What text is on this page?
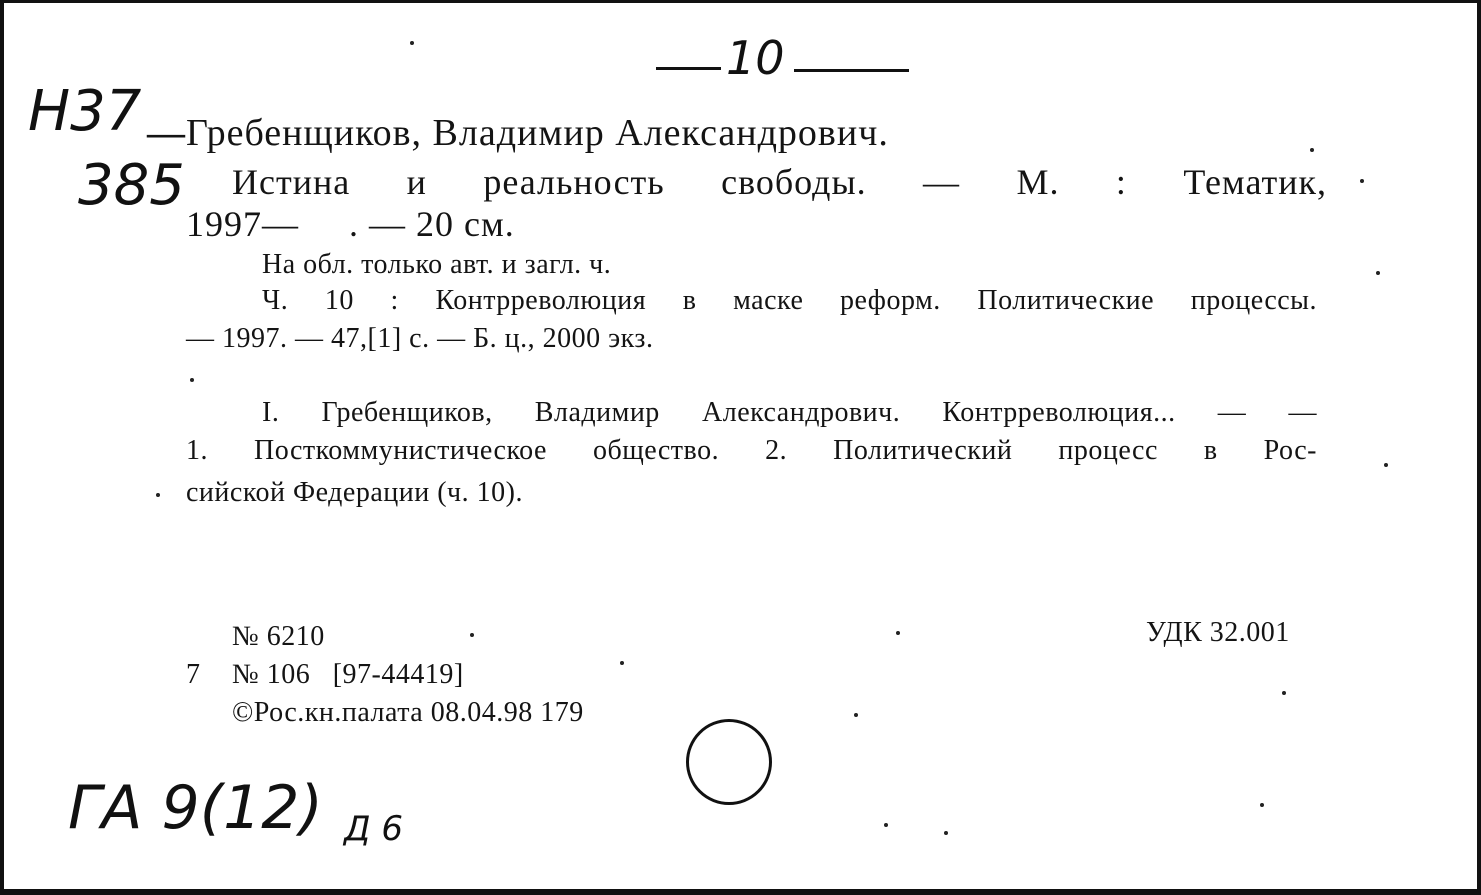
10
Н37
385
— Гребенщиков, Владимир Александрович.
Истина и реальность свободы. — М. : Тематик,
1997—     . — 20 см.
На обл. только авт. и загл. ч.
Ч. 10 : Контрреволюция в маске реформ. Политические процессы.
— 1997. — 47,[1] с. — Б. ц., 2000 экз.
I. Гребенщиков, Владимир Александрович. Контрреволюция... — —
1. Посткоммунистическое общество. 2. Политический процесс в Рос-
сийской Федерации (ч. 10).
№ 6210	УДК 32.001
7 № 106   [97-44419]
©Рос.кн.палата 08.04.98 179
ГА 9(12) Д 6
